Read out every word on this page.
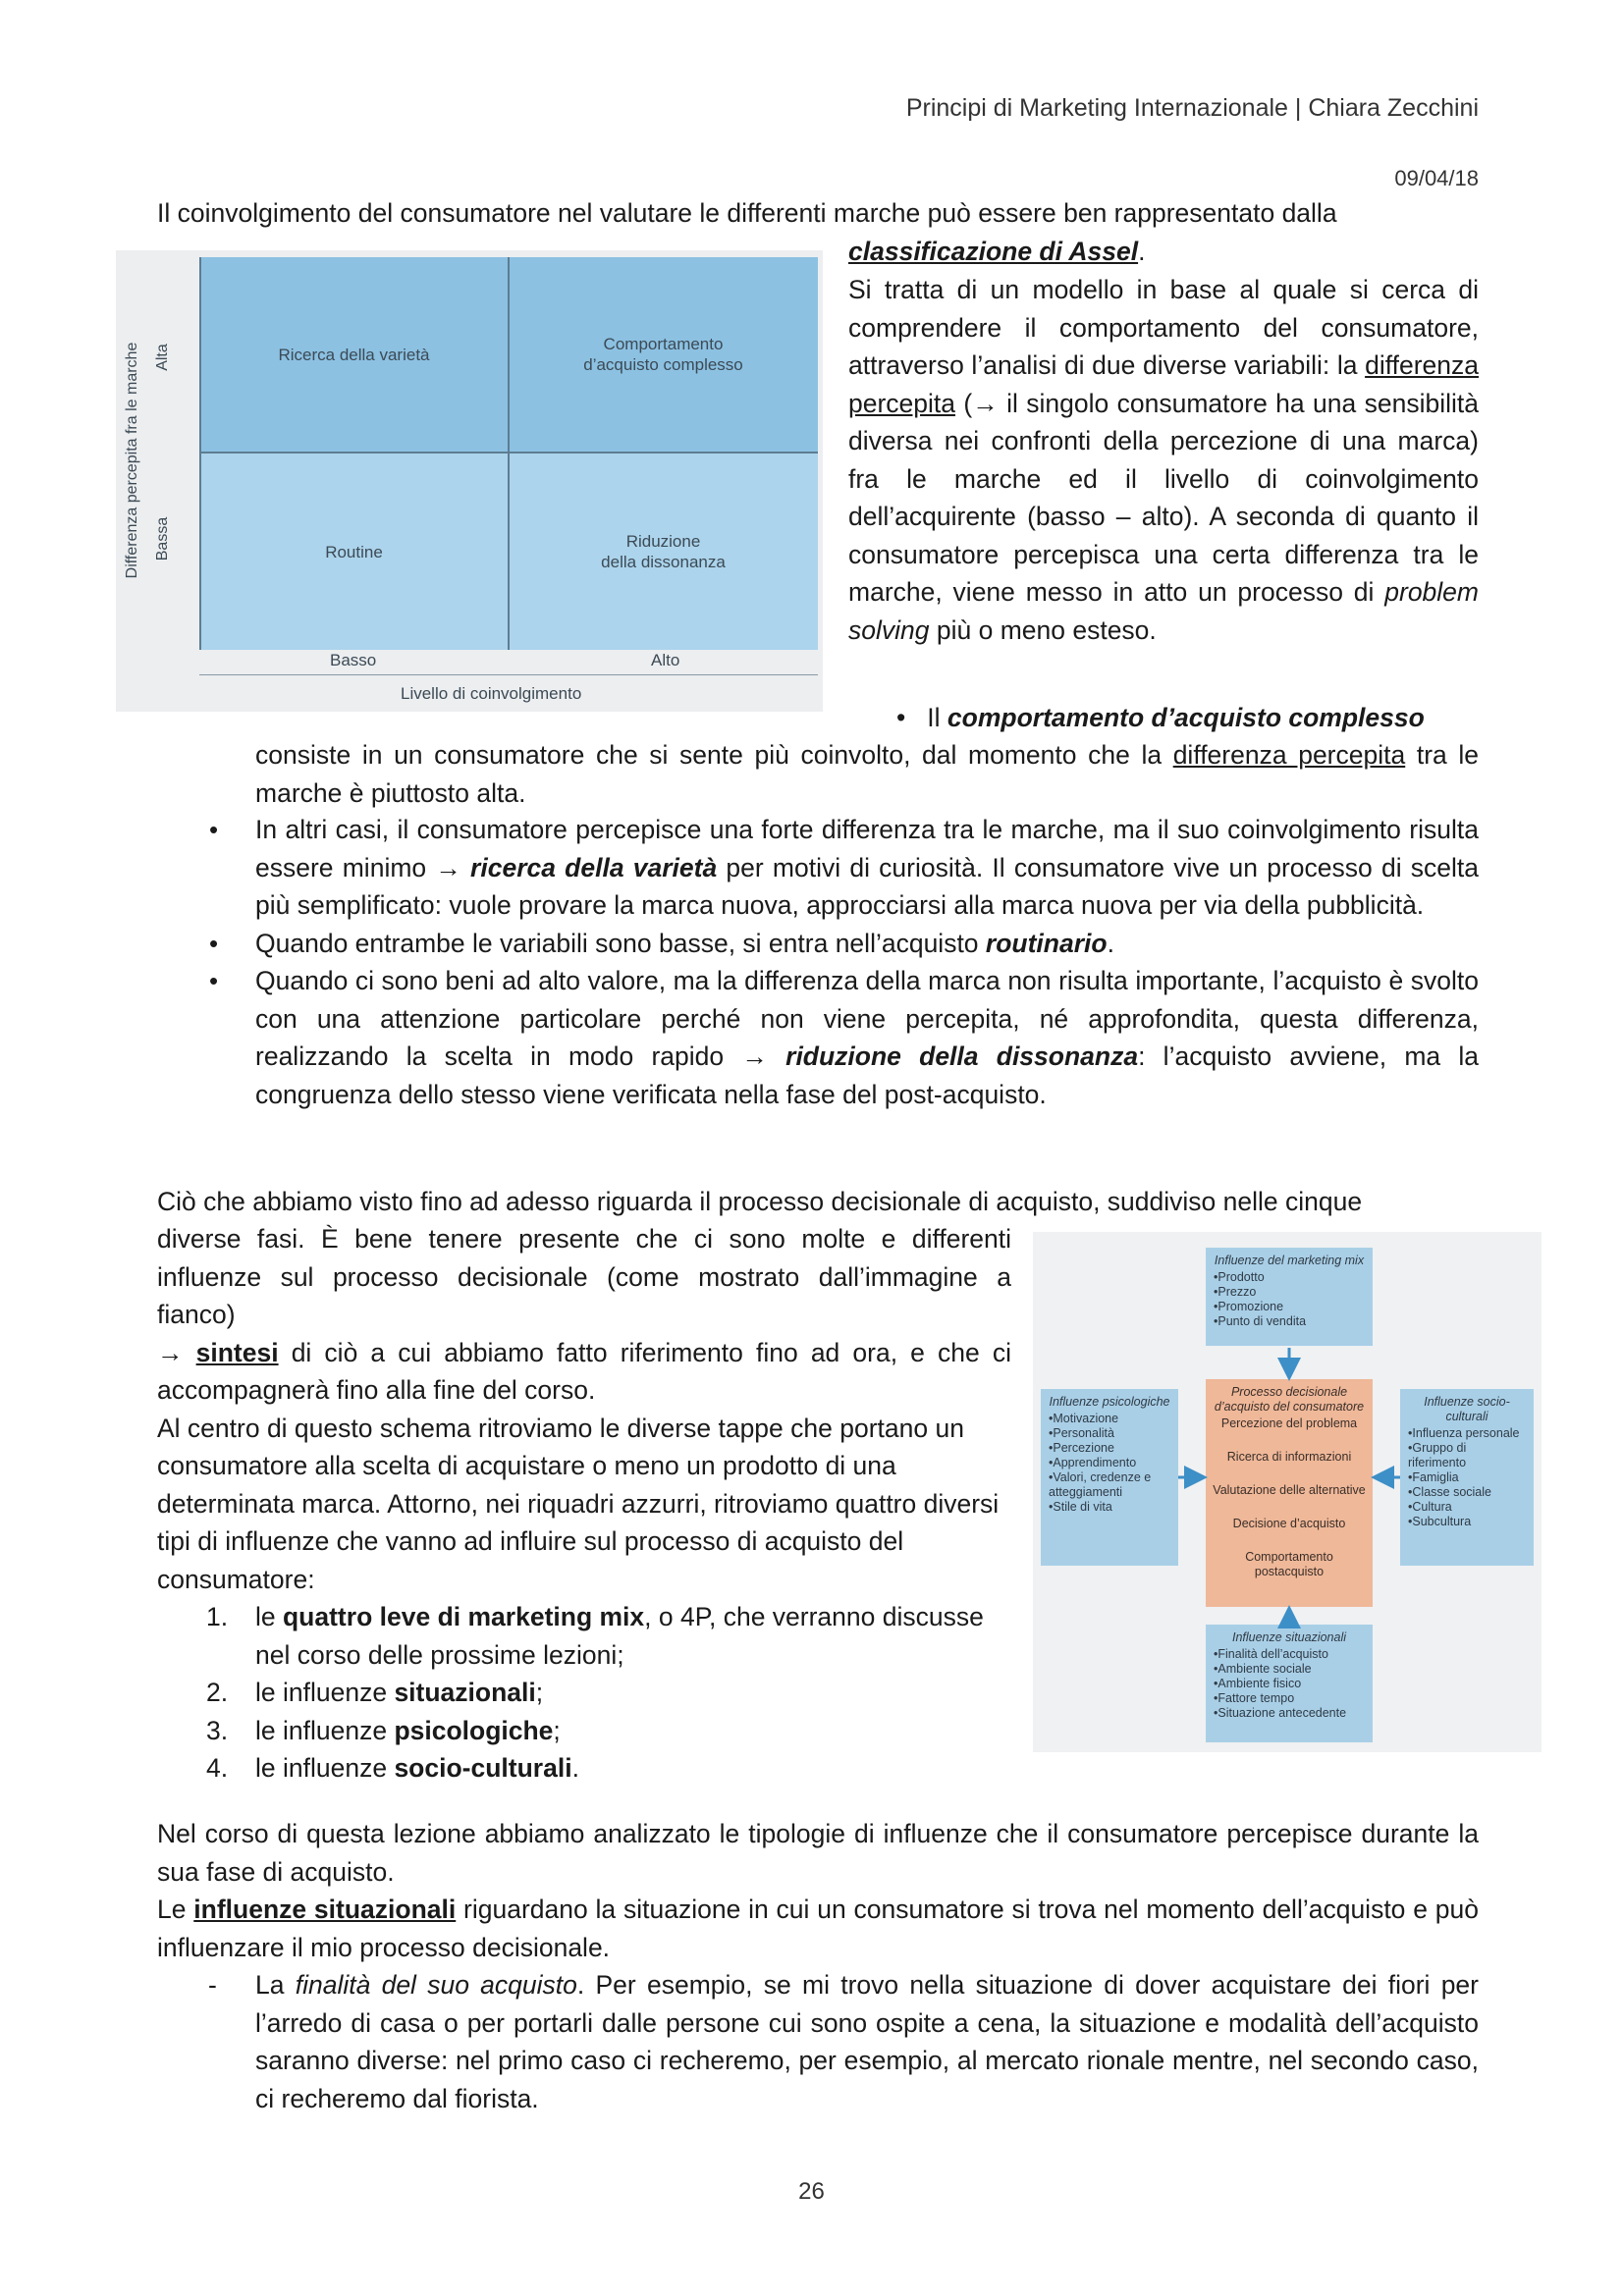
Principi di Marketing Internazionale | Chiara Zecchini
09/04/18
Il coinvolgimento del consumatore nel valutare le differenti marche può essere ben rappresentato dalla
classificazione di Assel.
Differenza percepita fra le marche Alta
Bassa
Ricerca della varietà
Comportamento
d’acquisto complesso
Routine
Riduzione
della dissonanza
Basso	Alto
Livello di coinvolgimento
Si tratta di un modello in base al quale si cerca di comprendere il comportamento del consumatore, attraverso l’analisi di due diverse variabili: la differenza percepita (→ il singolo consumatore ha una sensibilità diversa nei confronti della percezione di una marca) fra le marche ed il livello di coinvolgimento dell’acquirente (basso – alto). A seconda di quanto il consumatore percepisca una certa differenza tra le marche, viene messo in atto un processo di problem solving più o meno esteso.
• Il comportamento d’acquisto complesso
consiste in un consumatore che si sente più coinvolto, dal momento che la differenza percepita tra le marche è piuttosto alta.
• In altri casi, il consumatore percepisce una forte differenza tra le marche, ma il suo coinvolgimento risulta essere minimo → ricerca della varietà per motivi di curiosità. Il consumatore vive un processo di scelta più semplificato: vuole provare la marca nuova, approcciarsi alla marca nuova per via della pubblicità.
• Quando entrambe le variabili sono basse, si entra nell’acquisto routinario.
• Quando ci sono beni ad alto valore, ma la differenza della marca non risulta importante, l’acquisto è svolto con una attenzione particolare perché non viene percepita, né approfondita, questa differenza, realizzando la scelta in modo rapido → riduzione della dissonanza: l’acquisto avviene, ma la congruenza dello stesso viene verificata nella fase del post-acquisto.
Ciò che abbiamo visto fino ad adesso riguarda il processo decisionale di acquisto, suddiviso nelle cinque
diverse fasi. È bene tenere presente che ci sono molte e differenti influenze sul processo decisionale (come mostrato dall’immagine a fianco)
→ sintesi di ciò a cui abbiamo fatto riferimento fino ad ora, e che ci accompagnerà fino alla fine del corso.
Al centro di questo schema ritroviamo le diverse tappe che portano un consumatore alla scelta di acquistare o meno un prodotto di una determinata marca. Attorno, nei riquadri azzurri, ritroviamo quattro diversi tipi di influenze che vanno ad influire sul processo di acquisto del consumatore:
1. le quattro leve di marketing mix, o 4P, che verranno discusse nel corso delle prossime lezioni;
2. le influenze situazionali;
3. le influenze psicologiche;
4. le influenze socio-culturali.
Influenze del marketing mix
• Prodotto
• Prezzo
• Promozione
• Punto di vendita
Influenze psicologiche
• Motivazione
• Personalità
• Percezione
• Apprendimento
• Valori, credenze e atteggiamenti
• Stile di vita
Influenze socio-culturali
• Influenza personale
• Gruppo di riferimento
• Famiglia
• Classe sociale
• Cultura
• Subcultura
Influenze situazionali
• Finalità dell’acquisto
• Ambiente sociale
• Ambiente fisico
• Fattore tempo
• Situazione antecedente
Processo decisionale d’acquisto del consumatore
Percezione del problema
Ricerca di informazioni
Valutazione delle alternative
Decisione d’acquisto
Comportamento postacquisto
Nel corso di questa lezione abbiamo analizzato le tipologie di influenze che il consumatore percepisce durante la sua fase di acquisto.
Le influenze situazionali riguardano la situazione in cui un consumatore si trova nel momento dell’acquisto e può influenzare il mio processo decisionale.
- La finalità del suo acquisto. Per esempio, se mi trovo nella situazione di dover acquistare dei fiori per l’arredo di casa o per portarli dalle persone cui sono ospite a cena, la situazione e modalità dell’acquisto saranno diverse: nel primo caso ci recheremo, per esempio, al mercato rionale mentre, nel secondo caso, ci recheremo dal fiorista.
26
